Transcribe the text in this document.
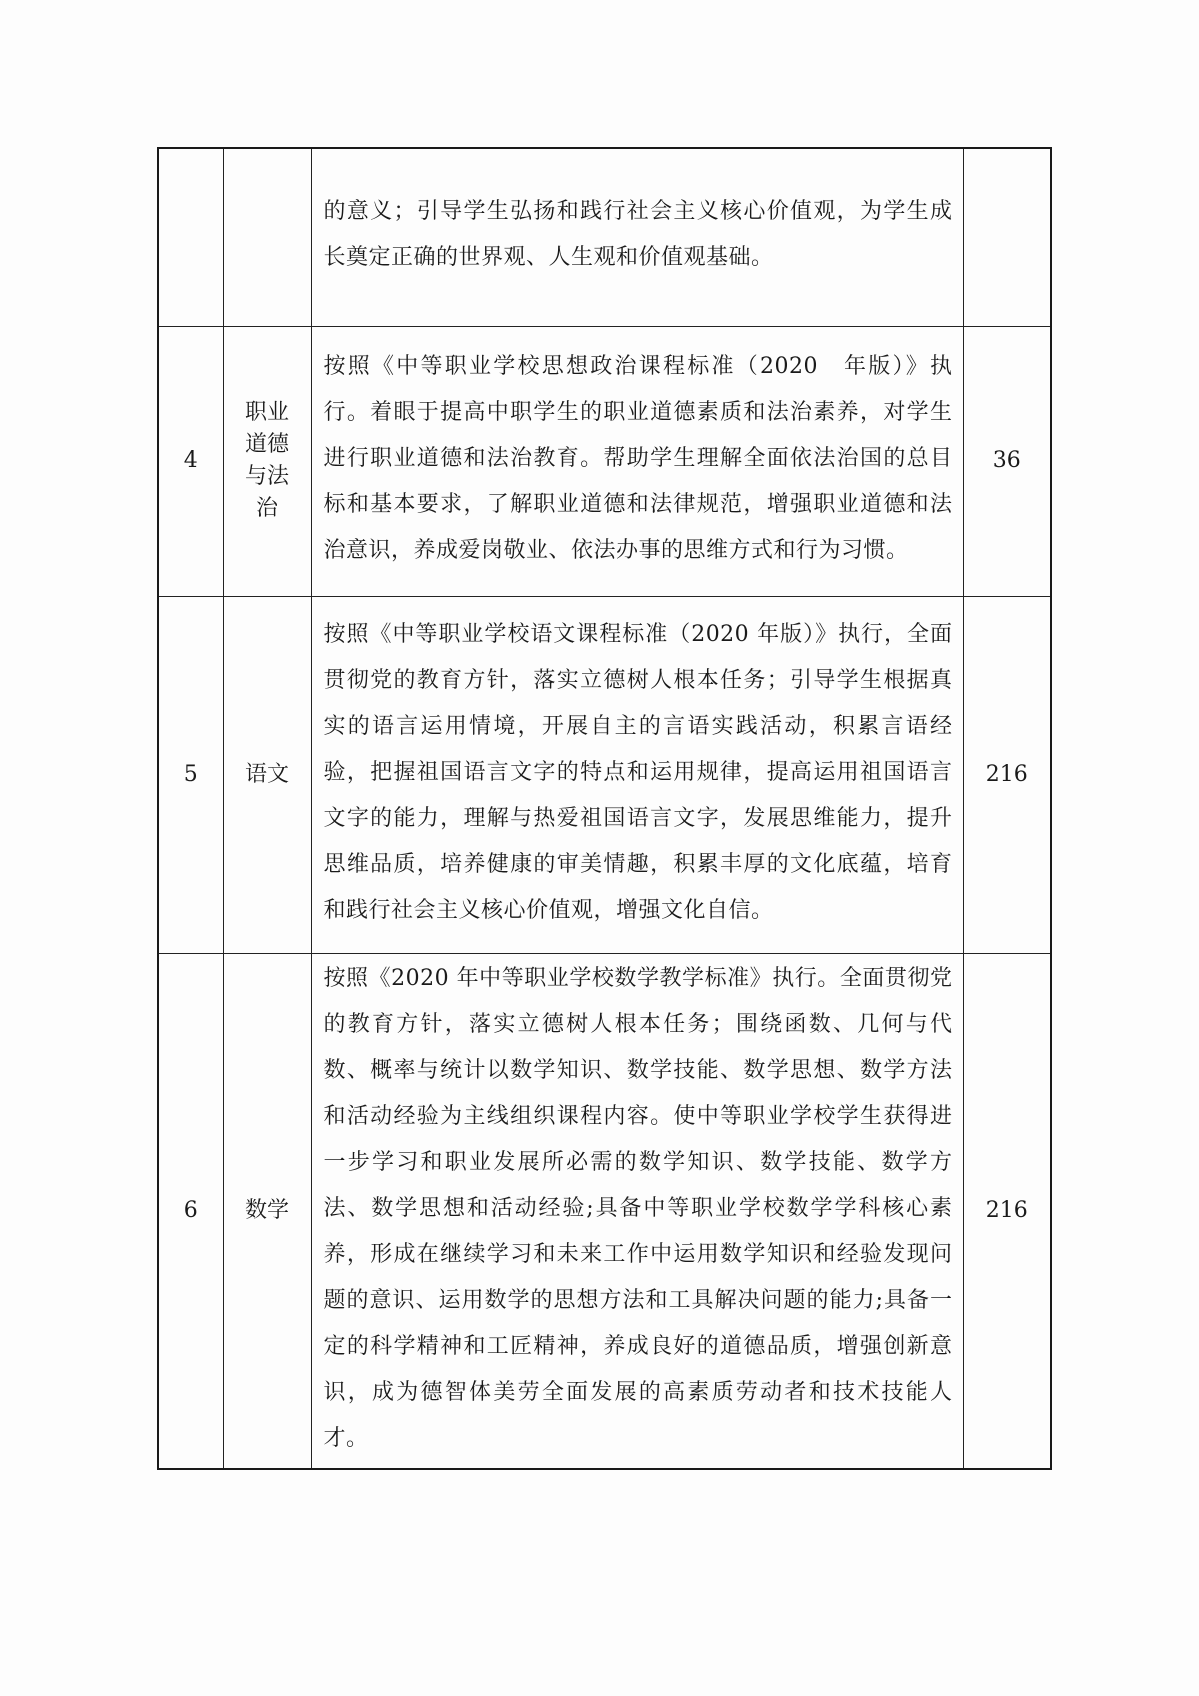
		的意义；引导学生弘扬和践行社会主义核心价值观，为学生成长奠定正确的世界观、人生观和价值观基础。	
4	职业
道德
与法
治	按照《中等职业学校思想政治课程标准（2020　年版）》执行。着眼于提高中职学生的职业道德素质和法治素养，对学生进行职业道德和法治教育。帮助学生理解全面依法治国的总目标和基本要求，了解职业道德和法律规范，增强职业道德和法治意识，养成爱岗敬业、依法办事的思维方式和行为习惯。	36
5	语文	按照《中等职业学校语文课程标准（2020 年版）》执行，全面贯彻党的教育方针，落实立德树人根本任务；引导学生根据真实的语言运用情境，开展自主的言语实践活动，积累言语经验，把握祖国语言文字的特点和运用规律，提高运用祖国语言文字的能力，理解与热爱祖国语言文字，发展思维能力，提升思维品质，培养健康的审美情趣，积累丰厚的文化底蕴，培育和践行社会主义核心价值观，增强文化自信。	216
6	数学	按照《2020 年中等职业学校数学教学标准》执行。全面贯彻党的教育方针，落实立德树人根本任务；围绕函数、几何与代数、概率与统计以数学知识、数学技能、数学思想、数学方法和活动经验为主线组织课程内容。使中等职业学校学生获得进一步学习和职业发展所必需的数学知识、数学技能、数学方法、数学思想和活动经验;具备中等职业学校数学学科核心素养，形成在继续学习和未来工作中运用数学知识和经验发现问题的意识、运用数学的思想方法和工具解决问题的能力;具备一定的科学精神和工匠精神，养成良好的道德品质，增强创新意识，成为德智体美劳全面发展的高素质劳动者和技术技能人才。	216
